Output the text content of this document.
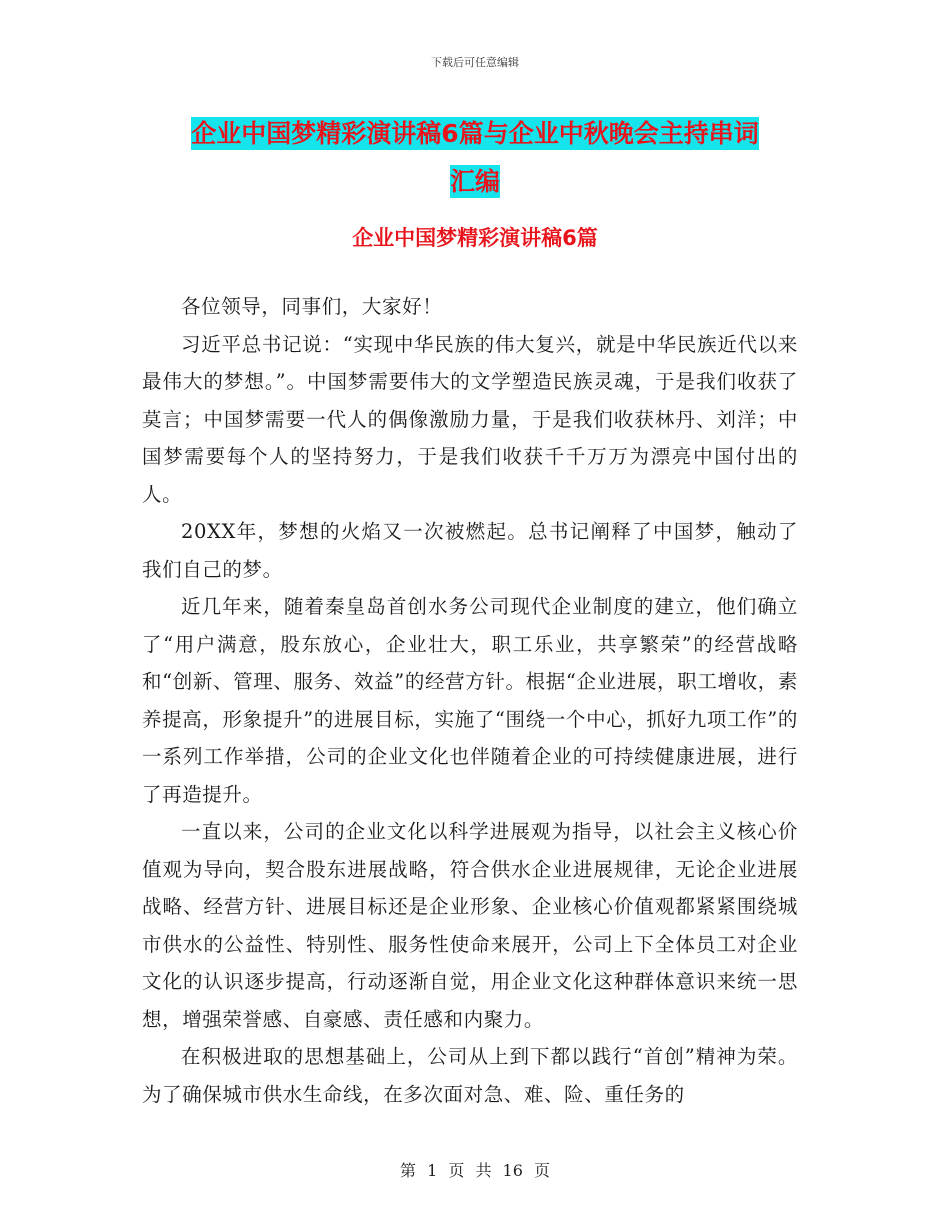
下载后可任意编辑
企业中国梦精彩演讲稿6篇与企业中秋晚会主持串词
汇编
企业中国梦精彩演讲稿6篇

各位领导，同事们，大家好！

习近平总书记说：“实现中华民族的伟大复兴，就是中华民族近代以来最伟大的梦想。”。中国梦需要伟大的文学塑造民族灵魂，于是我们收获了莫言；中国梦需要一代人的偶像激励力量，于是我们收获林丹、刘洋；中国梦需要每个人的坚持努力，于是我们收获千千万万为漂亮中国付出的人。

20XX年，梦想的火焰又一次被燃起。总书记阐释了中国梦，触动了我们自己的梦。

近几年来，随着秦皇岛首创水务公司现代企业制度的建立，他们确立了“用户满意，股东放心，企业壮大，职工乐业，共享繁荣”的经营战略和“创新、管理、服务、效益”的经营方针。根据“企业进展，职工增收，素养提高，形象提升”的进展目标，实施了“围绕一个中心，抓好九项工作”的一系列工作举措，公司的企业文化也伴随着企业的可持续健康进展，进行了再造提升。

一直以来，公司的企业文化以科学进展观为指导，以社会主义核心价值观为导向，契合股东进展战略，符合供水企业进展规律，无论企业进展战略、经营方针、进展目标还是企业形象、企业核心价值观都紧紧围绕城市供水的公益性、特别性、服务性使命来展开，公司上下全体员工对企业文化的认识逐步提高，行动逐渐自觉，用企业文化这种群体意识来统一思想，增强荣誉感、自豪感、责任感和内聚力。

在积极进取的思想基础上，公司从上到下都以践行“首创”精神为荣。为了确保城市供水生命线，在多次面对急、难、险、重任务的

第 1 页 共 16 页
